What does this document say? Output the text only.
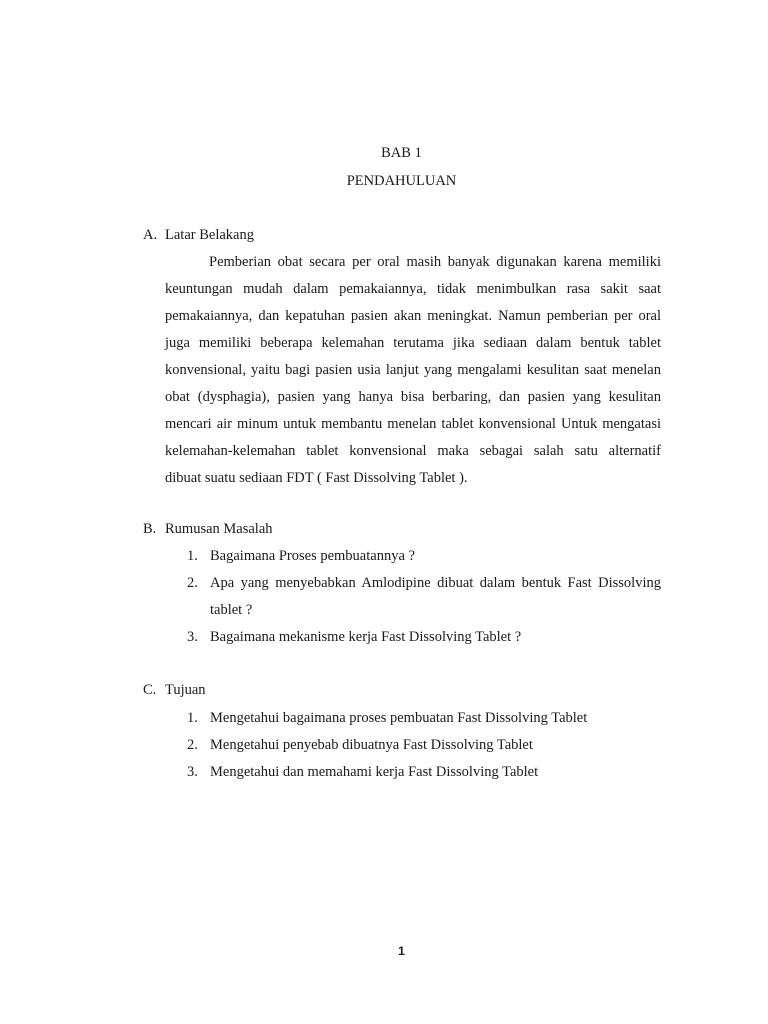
BAB 1
PENDAHULUAN
A. Latar Belakang
Pemberian obat secara per oral masih banyak digunakan karena memiliki
keuntungan mudah dalam pemakaiannya, tidak menimbulkan rasa sakit saat
pemakaiannya, dan kepatuhan pasien akan meningkat. Namun pemberian per oral
juga memiliki beberapa kelemahan terutama jika sediaan dalam bentuk tablet
konvensional, yaitu bagi pasien usia lanjut yang mengalami kesulitan saat menelan
obat (dysphagia), pasien yang hanya bisa berbaring, dan pasien yang kesulitan
mencari air minum untuk membantu menelan tablet konvensional Untuk mengatasi
kelemahan-kelemahan tablet konvensional maka sebagai salah satu alternatif
dibuat suatu sediaan FDT ( Fast Dissolving Tablet ).
B. Rumusan Masalah
1. Bagaimana Proses pembuatannya ?
2. Apa yang menyebabkan Amlodipine dibuat dalam bentuk Fast Dissolving
tablet ?
3. Bagaimana mekanisme kerja Fast Dissolving Tablet ?
C. Tujuan
1. Mengetahui bagaimana proses pembuatan Fast Dissolving Tablet
2. Mengetahui penyebab dibuatnya Fast Dissolving Tablet
3. Mengetahui dan memahami kerja Fast Dissolving Tablet
1
